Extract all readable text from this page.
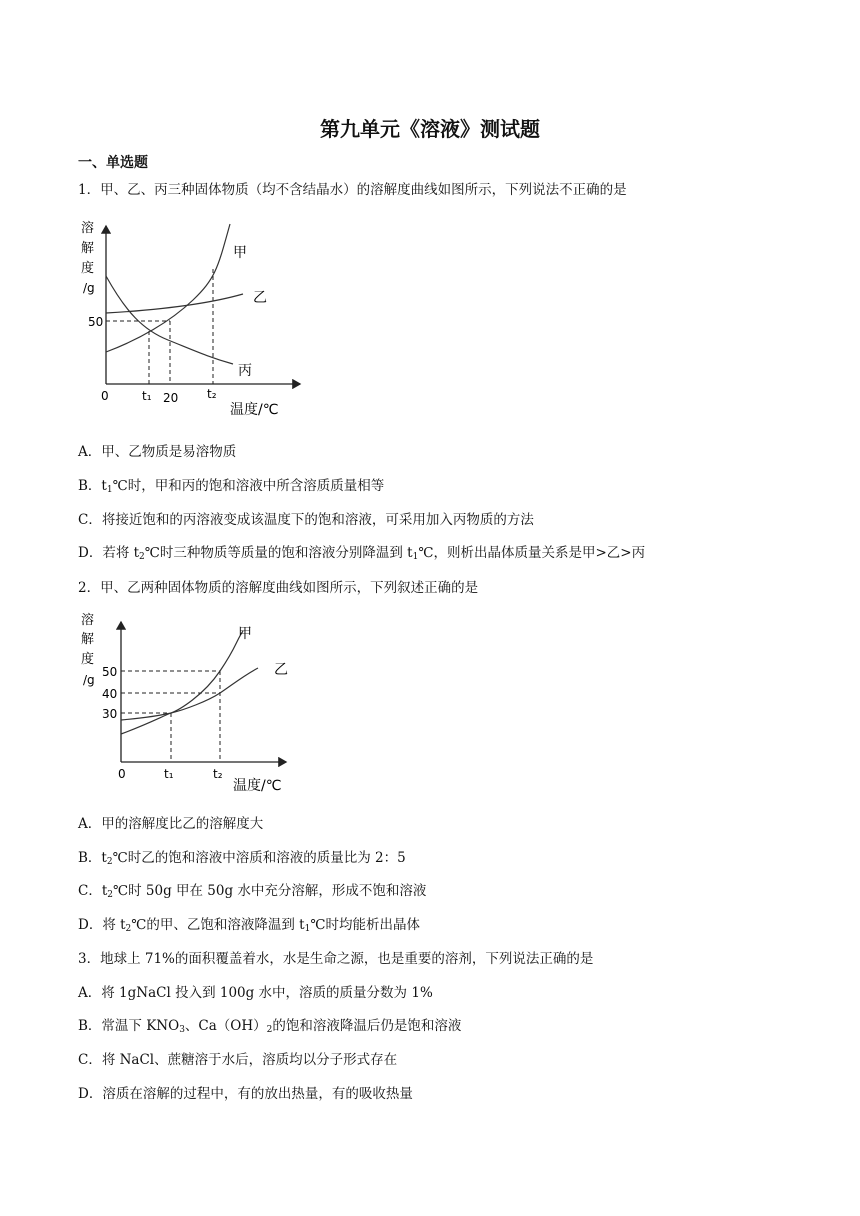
第九单元《溶液》测试题
一、单选题
1．甲、乙、丙三种固体物质（均不含结晶水）的溶解度曲线如图所示，下列说法不正确的是
溶
解
度
/g
甲
乙
丙
50
0	t₁ 20 t₂
温度/℃
A．甲、乙物质是易溶物质
B．$t_1℃$时，甲和丙的饱和溶液中所含溶质质量相等
C．将接近饱和的丙溶液变成该温度下的饱和溶液，可采用加入丙物质的方法
D．若将 $t_2℃$时三种物质等质量的饱和溶液分别降温到 $t_1℃$，则析出晶体质量关系是甲>乙>丙
2．甲、乙两种固体物质的溶解度曲线如图所示，下列叙述正确的是
溶
解
度
/g
甲
乙
50
40
30
0	t₁	t₂
温度/℃
A．甲的溶解度比乙的溶解度大
B．$t_2℃$时乙的饱和溶液中溶质和溶液的质量比为 2：5
C．$t_2℃$时 50g 甲在 50g 水中充分溶解，形成不饱和溶液
D．将 $t_2℃$的甲、乙饱和溶液降温到 $t_1℃$时均能析出晶体
3．地球上 71%的面积覆盖着水，水是生命之源，也是重要的溶剂，下列说法正确的是
A．将 1gNaCl 投入到 100g 水中，溶质的质量分数为 1%
B．常温下 $KNO_3$、$Ca(OH)_2$的饱和溶液降温后仍是饱和溶液
C．将 NaCl、蔗糖溶于水后，溶质均以分子形式存在
D．溶质在溶解的过程中，有的放出热量，有的吸收热量
